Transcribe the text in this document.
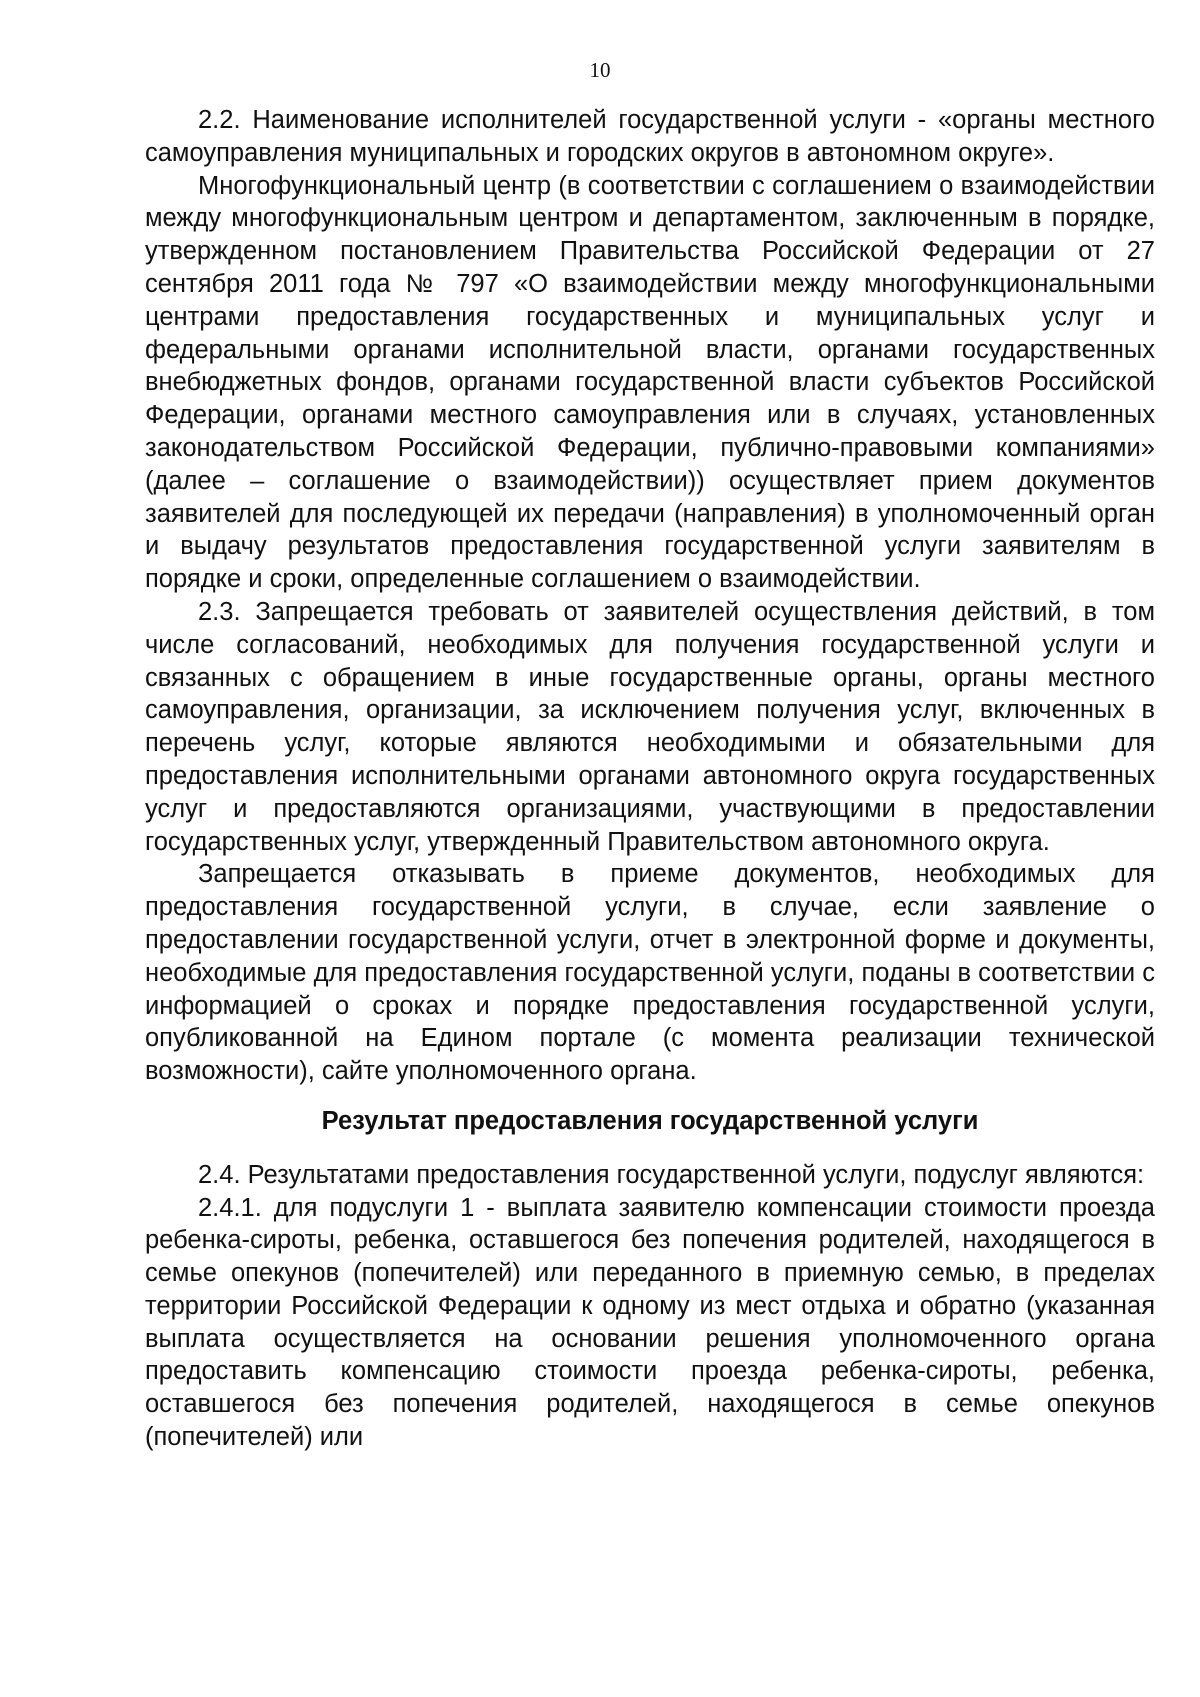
10

2.2. Наименование исполнителей государственной услуги - «органы местного самоуправления муниципальных и городских округов в автономном округе».

Многофункциональный центр (в соответствии с соглашением о взаимодействии между многофункциональным центром и департаментом, заключенным в порядке, утвержденном постановлением Правительства Российской Федерации от 27 сентября 2011 года № 797 «О взаимодействии между многофункциональными центрами предоставления государственных и муниципальных услуг и федеральными органами исполнительной власти, органами государственных внебюджетных фондов, органами государственной власти субъектов Российской Федерации, органами местного самоуправления или в случаях, установленных законодательством Российской Федерации, публично-правовыми компаниями» (далее – соглашение о взаимодействии)) осуществляет прием документов заявителей для последующей их передачи (направления) в уполномоченный орган и выдачу результатов предоставления государственной услуги заявителям в порядке и сроки, определенные соглашением о взаимодействии.

2.3. Запрещается требовать от заявителей осуществления действий, в том числе согласований, необходимых для получения государственной услуги и связанных с обращением в иные государственные органы, органы местного самоуправления, организации, за исключением получения услуг, включенных в перечень услуг, которые являются необходимыми и обязательными для предоставления исполнительными органами автономного округа государственных услуг и предоставляются организациями, участвующими в предоставлении государственных услуг, утвержденный Правительством автономного округа.

Запрещается отказывать в приеме документов, необходимых для предоставления государственной услуги, в случае, если заявление о предоставлении государственной услуги, отчет в электронной форме и документы, необходимые для предоставления государственной услуги, поданы в соответствии с информацией о сроках и порядке предоставления государственной услуги, опубликованной на Едином портале (с момента реализации технической возможности), сайте уполномоченного органа.

Результат предоставления государственной услуги

2.4. Результатами предоставления государственной услуги, подуслуг являются:

2.4.1. для подуслуги 1 - выплата заявителю компенсации стоимости проезда ребенка-сироты, ребенка, оставшегося без попечения родителей, находящегося в семье опекунов (попечителей) или переданного в приемную семью, в пределах территории Российской Федерации к одному из мест отдыха и обратно (указанная выплата осуществляется на основании решения уполномоченного органа предоставить компенсацию стоимости проезда ребенка-сироты, ребенка, оставшегося без попечения родителей, находящегося в семье опекунов (попечителей) или
